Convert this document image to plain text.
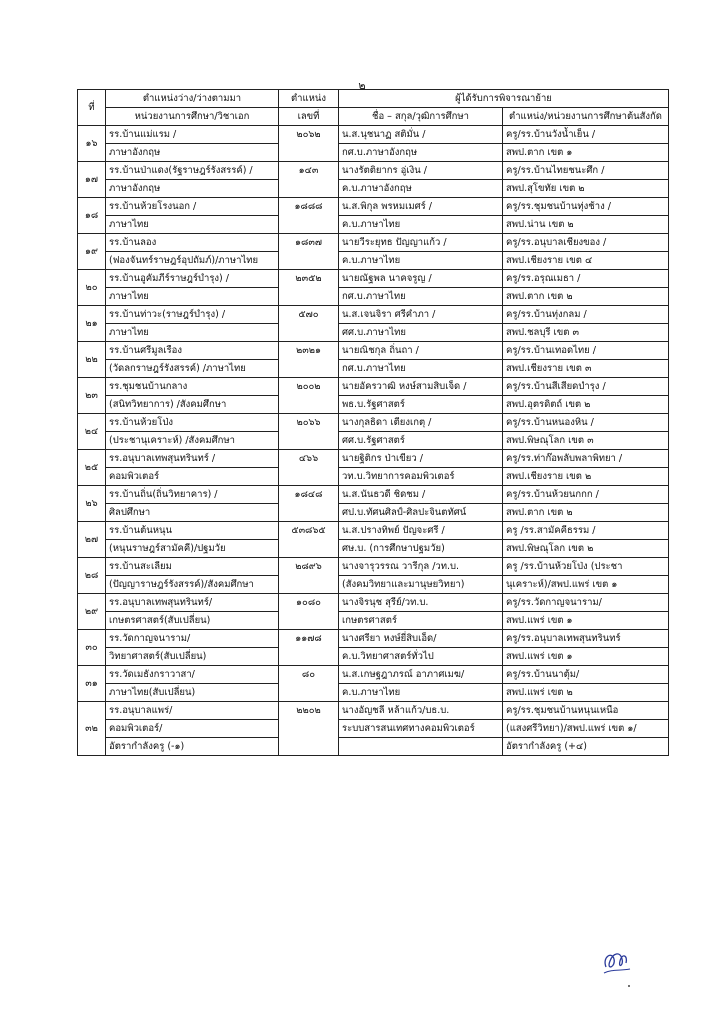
๒
ที่	ตำแหน่งว่าง/ว่างตามมา	ตำแหน่ง	ผู้ได้รับการพิจารณาย้าย	
	หน่วยงานการศึกษา/วิชาเอก	เลขที่	ชื่อ – สกุล/วุฒิการศึกษา	ตำแหน่ง/หน่วยงานการศึกษาต้นสังกัด
๑๖	รร.บ้านแม่แรม /	๒๐๖๒	น.ส.นุชนาฏ สติมั่น /	ครู/รร.บ้านวังน้ำเย็น /
	ภาษาอังกฤษ		กศ.บ.ภาษาอังกฤษ	สพป.ตาก เขต ๑
๑๗	รร.บ้านป่าแดง(รัฐราษฎร์รังสรรค์) /	๑๔๓	นางรัตติยากร อู่เงิน /	ครู/รร.บ้านไทยชนะศึก /
	ภาษาอังกฤษ		ค.บ.ภาษาอังกฤษ	สพป.สุโขทัย เขต ๒
๑๘	รร.บ้านห้วยโรงนอก /	๑๘๘๘	น.ส.พิกุล พรหมเมศร์ /	ครู/รร.ชุมชนบ้านทุ่งช้าง /
	ภาษาไทย		ค.บ.ภาษาไทย	สพป.น่าน เขต ๒
๑๙	รร.บ้านลอง	๑๘๓๗	นายวีระยุทธ ปัญญาแก้ว /	ครู/รร.อนุบาลเชียงของ /
	(ฟองจันทร์ราษฎร์อุปถัมภ์)/ภาษาไทย		ค.บ.ภาษาไทย	สพป.เชียงราย เขต ๔
๒๐	รร.บ้านอูคัมภีร์ราษฎร์บำรุง) /	๒๓๕๒	นายณัฐพล นาคจรูญ /	ครู/รร.อรุณเมธา /
	ภาษาไทย		กศ.บ.ภาษาไทย	สพป.ตาก เขต ๒
๒๑	รร.บ้านท่าวะ(ราษฎร์บำรุง) /	๕๗๐	น.ส.เจนจิรา ศรีคำภา /	ครู/รร.บ้านทุ่งกลม /
	ภาษาไทย		ศศ.บ.ภาษาไทย	สพป.ชลบุรี เขต ๓
๒๒	รร.บ้านศรีมูลเรือง	๒๓๒๑	นายณิชกุล ถิ่นถา /	ครู/รร.บ้านเทอดไทย /
	(วัดลกราษฎร์รังสรรค์) /ภาษาไทย		กศ.บ.ภาษาไทย	สพป.เชียงราย เขต ๓
๒๓	รร.ชุมชนบ้านกลาง	๒๐๐๒	นายอัครวาฒิ หงษ์สามสิบเจ็ด /	ครู/รร.บ้านสีเสียดบำรุง /
	(สนิทวิทยาการ) /สังคมศึกษา		พธ.บ.รัฐศาสตร์	สพป.อุตรดิตถ์ เขต ๒
๒๔	รร.บ้านห้วยโป่ง	๒๐๖๖	นางกุลธิดา เตียงเกตุ /	ครู/รร.บ้านหนองหิน /
	(ประชานุเคราะห์) /สังคมศึกษา		ศศ.บ.รัฐศาสตร์	สพป.พิษณุโลก เขต ๓
๒๕	รร.อนุบาลเทพสุนทรินทร์ /	๔๖๖	นายฐิติกร ป่าเขียว /	ครู/รร.ท่าก๊อพลับพลาพิทยา /
	คอมพิวเตอร์		วท.บ.วิทยาการคอมพิวเตอร์	สพป.เชียงราย เขต ๒
๒๖	รร.บ้านถิ่น(ถิ่นวิทยาคาร) /	๑๘๔๘	น.ส.นันธวดี ชิดชม /	ครู/รร.บ้านห้วยนกกก /
	ศิลปศึกษา		ศป.บ.ทัศนศิลป์-ศิลปะจินตทัศน์	สพป.ตาก เขต ๒
๒๗	รร.บ้านต้นหนุน	๕๓๘๖๕	น.ส.ปรางทิพย์ ปัญจะศรี /	ครู /รร.สามัคคีธรรม /
	(หนุนราษฎร์สามัคคี)/ปฐมวัย		ศษ.บ. (การศึกษาปฐมวัย)	สพป.พิษณุโลก เขต ๒
๒๘	รร.บ้านสะเลียม	๒๘๙๖	นางจารุวรรณ วารีกุล /วท.บ.	ครู /รร.บ้านห้วยโป่ง (ประชา
	(ปัญญาราษฎร์รังสรรค์)/สังคมศึกษา		(สังคมวิทยาและมานุษยวิทยา)	นุเคราะห์)/สพป.แพร่ เขต ๑
๒๙	รร.อนุบาลเทพสุนทรินทร์/	๑๐๘๐	นางจิรนุช สุรีย์/วท.บ.	ครู/รร.วัดกาญจนาราม/
	เกษตรศาสตร์(สับเปลี่ยน)		เกษตรศาสตร์	สพป.แพร่ เขต ๑
๓๐	รร.วัดกาญจนาราม/	๑๑๗๘	นางศรียา หงษ์ยี่สิบเอ็ด/	ครู/รร.อนุบาลเทพสุนทรินทร์
	วิทยาศาสตร์(สับเปลี่ยน)		ค.บ.วิทยาศาสตร์ทั่วไป	สพป.แพร่ เขต ๑
๓๑	รร.วัดเมธังกราวาสา/	๘๐	น.ส.เกษฐฎาภรณ์ อาภาศเมฆ/	ครู/รร.บ้านนาตุ้ม/
	ภาษาไทย(สับเปลี่ยน)		ค.บ.ภาษาไทย	สพป.แพร่ เขต ๒
๓๒	รร.อนุบาลแพร่/	๒๒๐๒	นางอัญชลี หล้าแก้ว/บธ.บ.	ครู/รร.ชุมชนบ้านหนุนเหนือ
	คอมพิวเตอร์/		ระบบสารสนเทศทางคอมพิวเตอร์	(แสงศรีวิทยา)/สพป.แพร่ เขต ๑/
	อัตรากำลังครู (-๑)			อัตรากำลังครู (+๔)
